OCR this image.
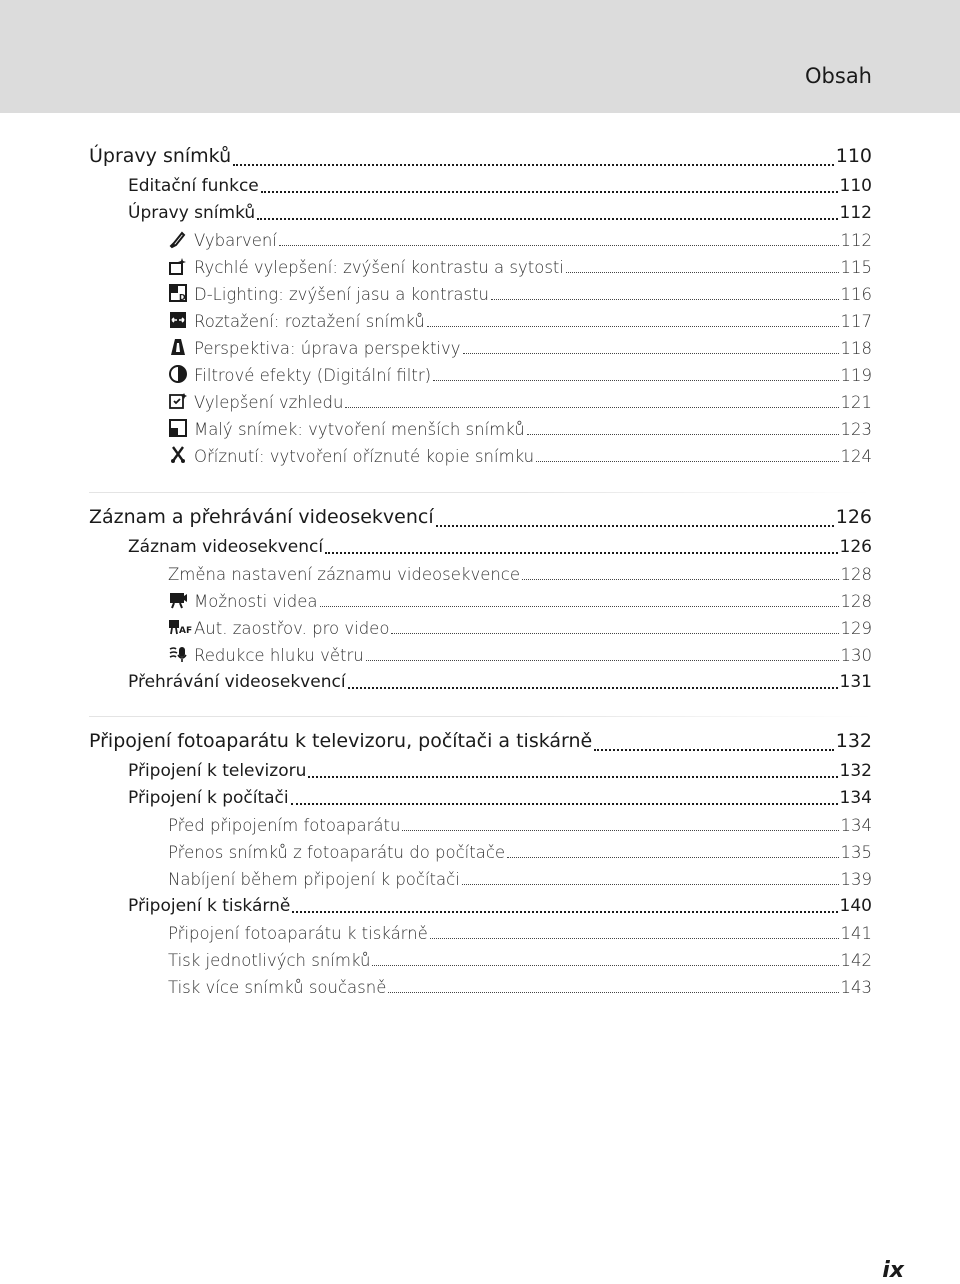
Obsah
Úpravy snímků	110
Editační funkce	110
Úpravy snímků	112
Vybarvení	112
Rychlé vylepšení: zvýšení kontrastu a sytosti	115
D D-Lighting: zvýšení jasu a kontrastu	116
Roztažení: roztažení snímků	117
Perspektiva: úprava perspektivy	118
Filtrové efekty (Digitální filtr)	119
Vylepšení vzhledu	121
Malý snímek: vytvoření menších snímků	123
Oříznutí: vytvoření oříznuté kopie snímku	124
Záznam a přehrávání videosekvencí	126
Záznam videosekvencí	126
Změna nastavení záznamu videosekvence	128
Možnosti videa	128
AF Aut. zaostřov. pro video	129
Redukce hluku větru	130
Přehrávání videosekvencí	131
Připojení fotoaparátu k televizoru, počítači a tiskárně	132
Připojení k televizoru	132
Připojení k počítači	134
Před připojením fotoaparátu	134
Přenos snímků z fotoaparátu do počítače	135
Nabíjení během připojení k počítači	139
Připojení k tiskárně	140
Připojení fotoaparátu k tiskárně	141
Tisk jednotlivých snímků	142
Tisk více snímků současně	143
ix
